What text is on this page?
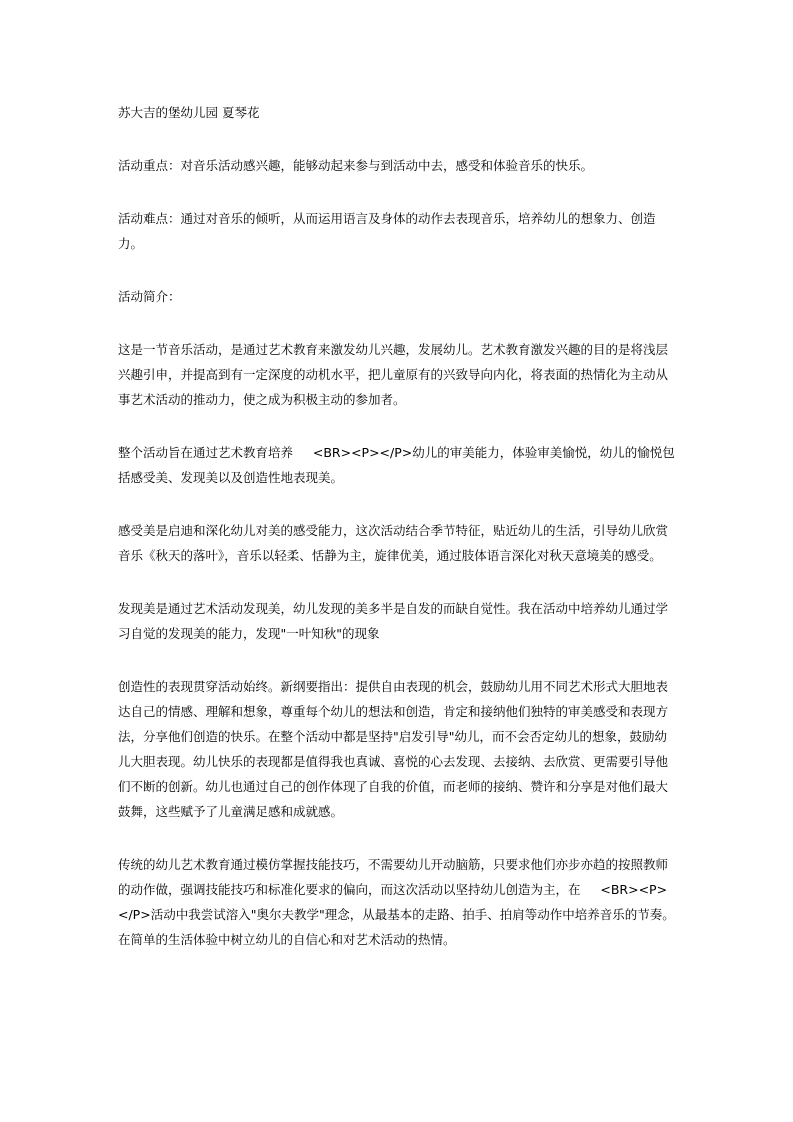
苏大吉的堡幼儿园 夏琴花

活动重点：对音乐活动感兴趣，能够动起来参与到活动中去，感受和体验音乐的快乐。

活动难点：通过对音乐的倾听，从而运用语言及身体的动作去表现音乐，培养幼儿的想象力、创造力。

活动简介：

这是一节音乐活动，是通过艺术教育来激发幼儿兴趣，发展幼儿。艺术教育激发兴趣的目的是将浅层兴趣引申，并提高到有一定深度的动机水平，把儿童原有的兴致导向内化，将表面的热情化为主动从事艺术活动的推动力，使之成为积极主动的参加者。

整个活动旨在通过艺术教育培养     <BR><P></P>幼儿的审美能力，体验审美愉悦，幼儿的愉悦包括感受美、发现美以及创造性地表现美。

感受美是启迪和深化幼儿对美的感受能力，这次活动结合季节特征，贴近幼儿的生活，引导幼儿欣赏音乐《秋天的落叶》，音乐以轻柔、恬静为主，旋律优美，通过肢体语言深化对秋天意境美的感受。

发现美是通过艺术活动发现美，幼儿发现的美多半是自发的而缺自觉性。我在活动中培养幼儿通过学习自觉的发现美的能力，发现"一叶知秋"的现象

创造性的表现贯穿活动始终。新纲要指出：提供自由表现的机会，鼓励幼儿用不同艺术形式大胆地表达自己的情感、理解和想象，尊重每个幼儿的想法和创造，肯定和接纳他们独特的审美感受和表现方法，分享他们创造的快乐。在整个活动中都是坚持"启发引导"幼儿，而不会否定幼儿的想象，鼓励幼儿大胆表现。幼儿快乐的表现都是值得我也真诚、喜悦的心去发现、去接纳、去欣赏、更需要引导他们不断的创新。幼儿也通过自己的创作体现了自我的价值，而老师的接纳、赞许和分享是对他们最大鼓舞，这些赋予了儿童满足感和成就感。

传统的幼儿艺术教育通过模仿掌握技能技巧，不需要幼儿开动脑筋，只要求他们亦步亦趋的按照教师的动作做，强调技能技巧和标准化要求的偏向，而这次活动以坚持幼儿创造为主，在     <BR><P></P>活动中我尝试溶入"奥尔夫教学"理念，从最基本的走路、拍手、拍肩等动作中培养音乐的节奏。在简单的生活体验中树立幼儿的自信心和对艺术活动的热情。
